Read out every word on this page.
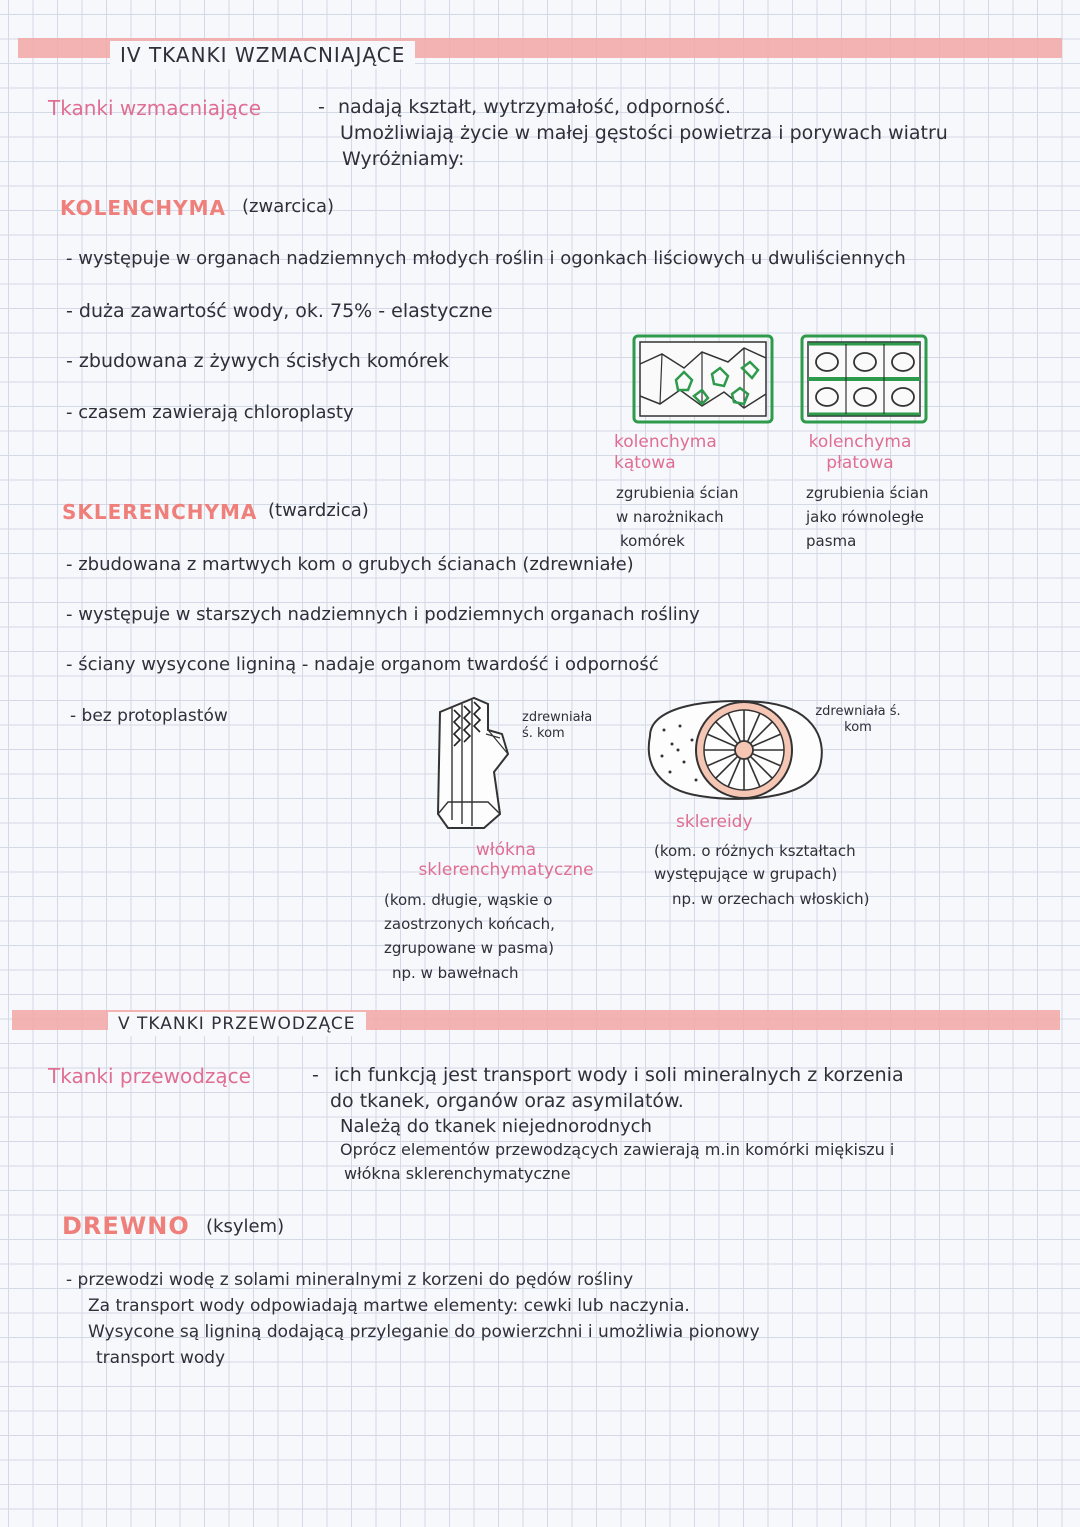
IV TKANKI WZMACNIAJĄCE
Tkanki wzmacniające	- nadają kształt, wytrzymałość, odporność.
Umożliwiają życie w małej gęstości powietrza i porywach wiatru
Wyróżniamy:
KOLENCHYMA (zwarcica)
- występuje w organach nadziemnych młodych roślin i ogonkach liściowych u dwuliściennych
- duża zawartość wody, ok. 75% - elastyczne
- zbudowana z żywych ścisłych komórek
- czasem zawierają chloroplasty
kolenchyma kątowa
zgrubienia ścian
w narożnikach
komórek
kolenchyma płatowa
zgrubienia ścian
jako równoległe
pasma
SKLERENCHYMA (twardzica)
- zbudowana z martwych kom o grubych ścianach (zdrewniałe)
- występuje w starszych nadziemnych i podziemnych organach rośliny
- ściany wysycone ligniną - nadaje organom twardość i odporność
- bez protoplastów	zdrewniała ś. kom
zdrewniała ś. kom
włókna sklerenchymatyczne
(kom. długie, wąskie o zaostrzonych końcach, zgrupowane w pasma)
np. w bawełnach
sklereidy
(kom. o różnych kształtach występujące w grupach)
np. w orzechach włoskich)
V TKANKI PRZEWODZĄCE
Tkanki przewodzące	- ich funkcją jest transport wody i soli mineralnych z korzenia
do tkanek, organów oraz asymilatów.
Należą do tkanek niejednorodnych
Oprócz elementów przewodzących zawierają m.in komórki miękiszu i
włókna sklerenchymatyczne
DREWNO (ksylem)
- przewodzi wodę z solami mineralnymi z korzeni do pędów rośliny
Za transport wody odpowiadają martwe elementy: cewki lub naczynia.
Wysycone są ligniną dodającą przyleganie do powierzchni i umożliwia pionowy
transport wody
